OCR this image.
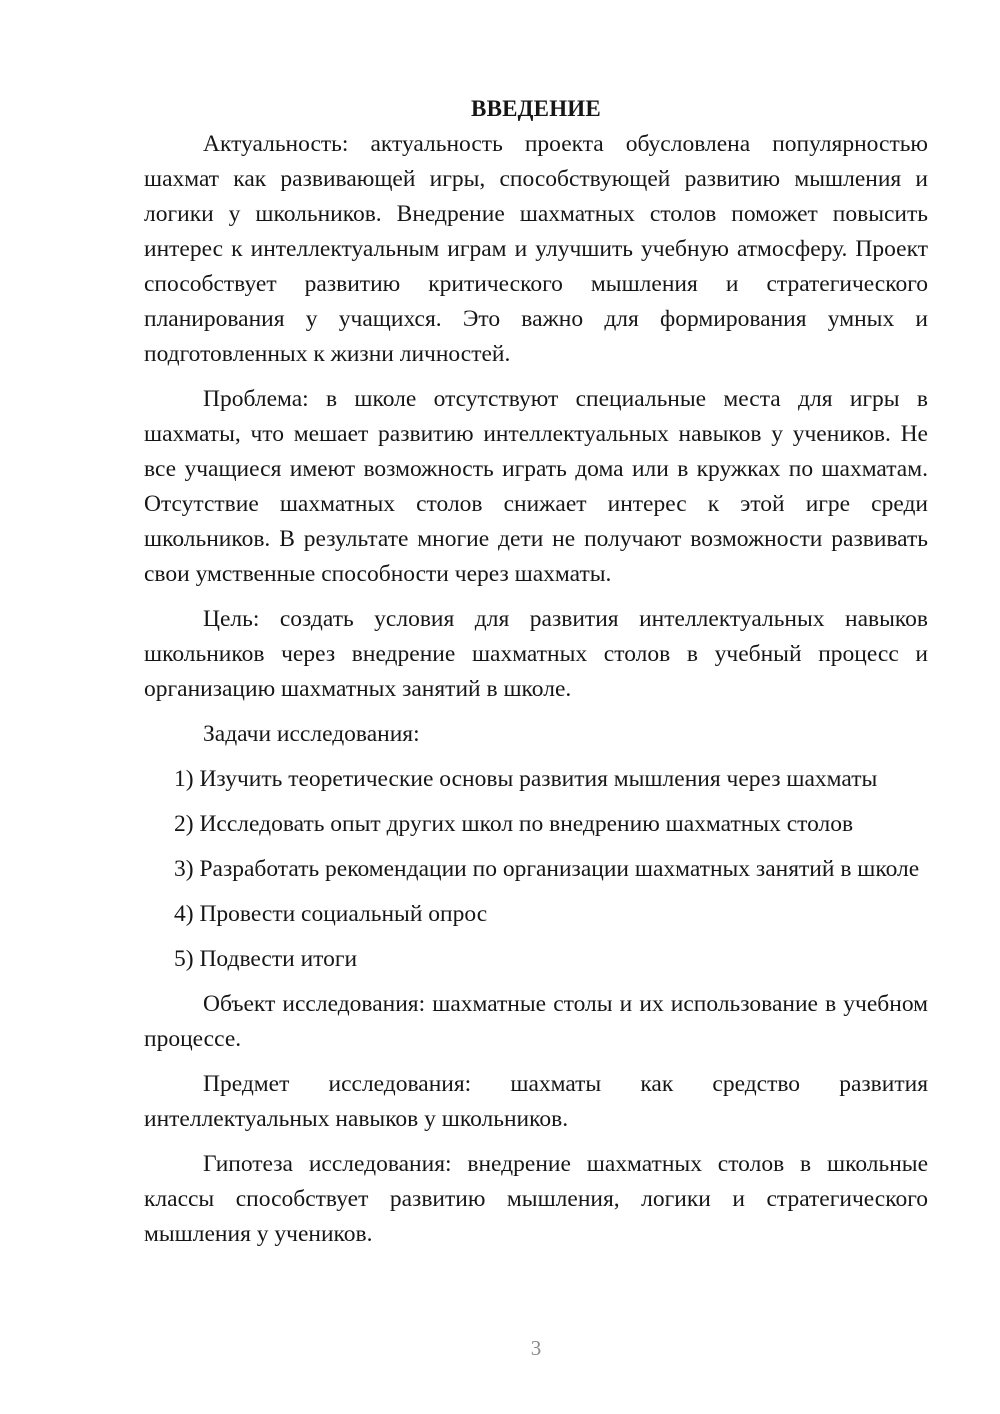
ВВЕДЕНИЕ

Актуальность: актуальность проекта обусловлена популярностью шахмат как развивающей игры, способствующей развитию мышления и логики у школьников. Внедрение шахматных столов поможет повысить интерес к интеллектуальным играм и улучшить учебную атмосферу. Проект способствует развитию критического мышления и стратегического планирования у учащихся. Это важно для формирования умных и подготовленных к жизни личностей.

Проблема: в школе отсутствуют специальные места для игры в шахматы, что мешает развитию интеллектуальных навыков у учеников. Не все учащиеся имеют возможность играть дома или в кружках по шахматам. Отсутствие шахматных столов снижает интерес к этой игре среди школьников. В результате многие дети не получают возможности развивать свои умственные способности через шахматы.

Цель: создать условия для развития интеллектуальных навыков школьников через внедрение шахматных столов в учебный процесс и организацию шахматных занятий в школе.

Задачи исследования:

1) Изучить теоретические основы развития мышления через шахматы

2) Исследовать опыт других школ по внедрению шахматных столов

3) Разработать рекомендации по организации шахматных занятий в школе

4) Провести социальный опрос

5) Подвести итоги

Объект исследования: шахматные столы и их использование в учебном процессе.

Предмет исследования: шахматы как средство развития интеллектуальных навыков у школьников.

Гипотеза исследования: внедрение шахматных столов в школьные классы способствует развитию мышления, логики и стратегического мышления у учеников.

3
